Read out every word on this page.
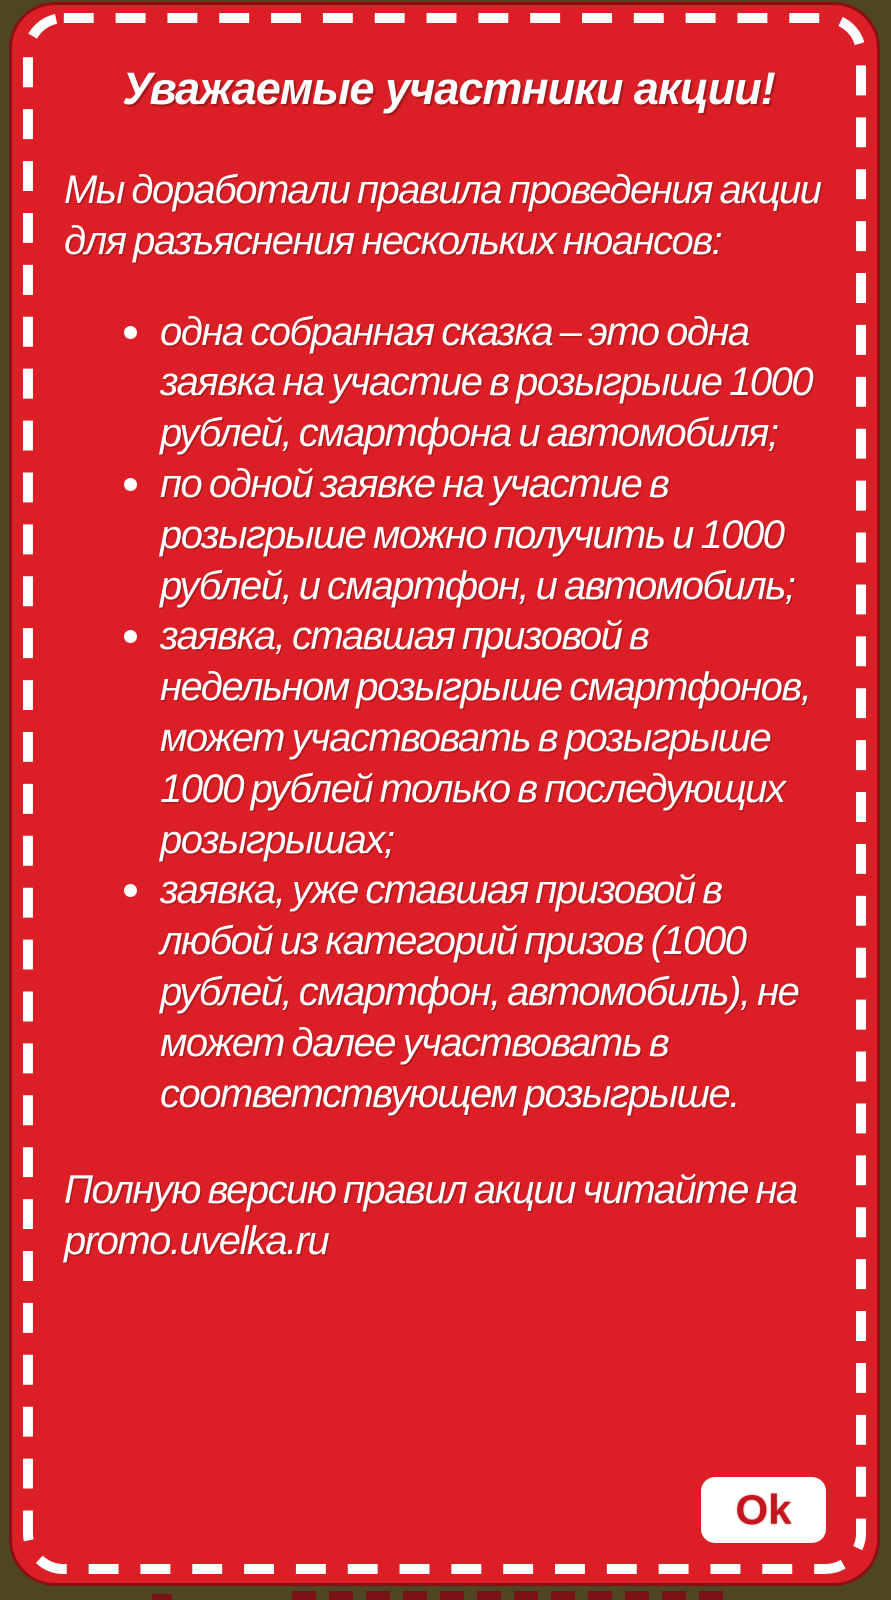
Уважаемые участники акции!

Мы доработали правила проведения акции для разъяснения нескольких нюансов:

одна собранная сказка – это одна заявка на участие в розыгрыше 1000 рублей, смартфона и автомобиля;
по одной заявке на участие в розыгрыше можно получить и 1000 рублей, и смартфон, и автомобиль;
заявка, ставшая призовой в недельном розыгрыше смартфонов, может участвовать в розыгрыше 1000 рублей только в последующих розыгрышах;
заявка, уже ставшая призовой в любой из категорий призов (1000 рублей, смартфон, автомобиль), не может далее участвовать в соответствующем розыгрыше.

Полную версию правил акции читайте на promo.uvelka.ru

Ok
